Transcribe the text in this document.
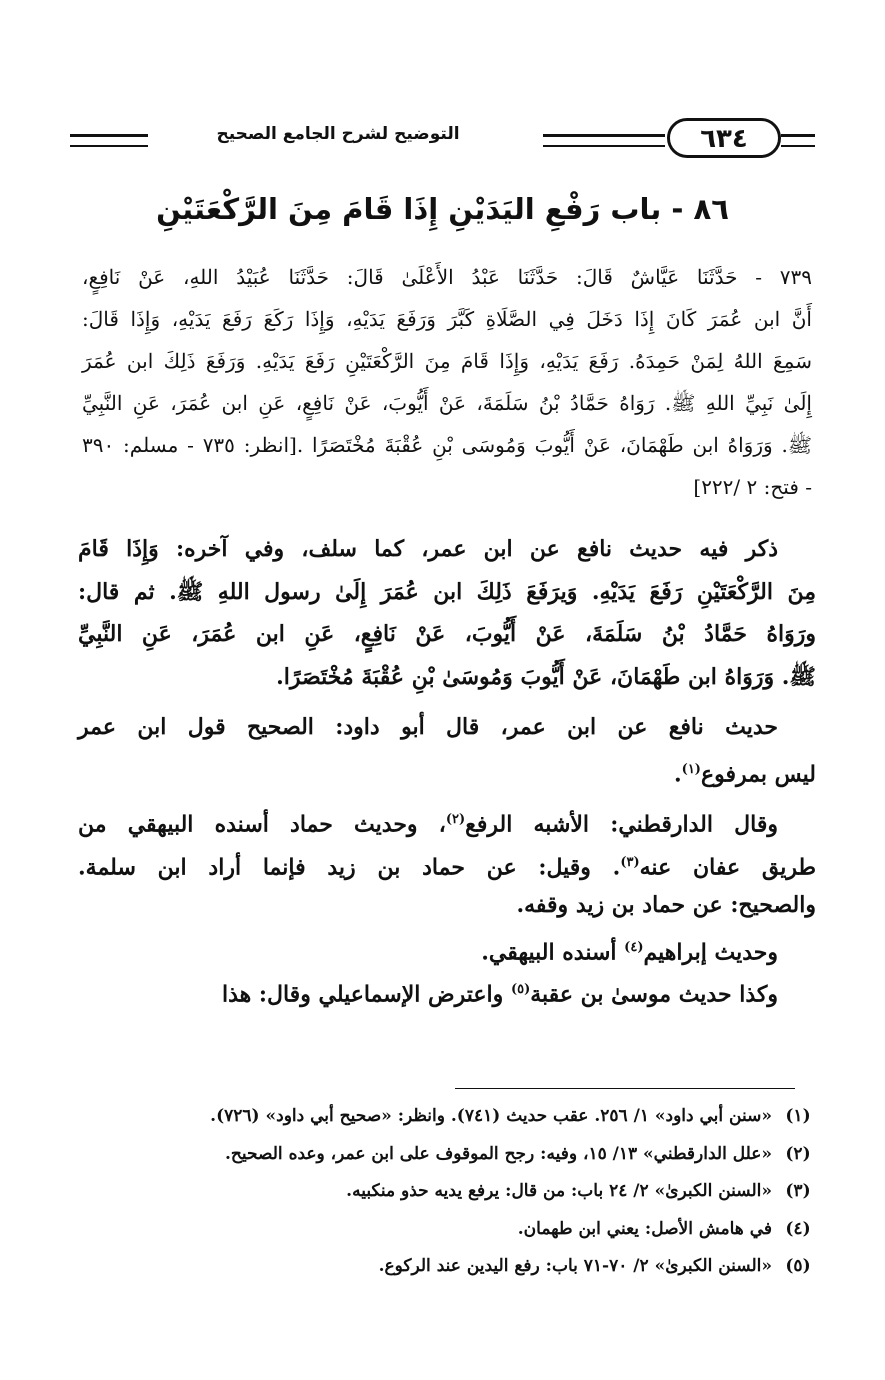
٦٣٤
التوضيح لشرح الجامع الصحيح
٨٦ - باب رَفْعِ اليَدَيْنِ إِذَا قَامَ مِنَ الرَّكْعَتَيْنِ
٧٣٩ - حَدَّثَنَا عَيَّاشٌ قَالَ: حَدَّثَنَا عَبْدُ الأَعْلَىٰ قَالَ: حَدَّثَنَا عُبَيْدُ اللهِ، عَنْ نَافِعٍ،
أَنَّ ابن عُمَرَ كَانَ إِذَا دَخَلَ فِي الصَّلَاةِ كَبَّرَ وَرَفَعَ يَدَيْهِ، وَإِذَا رَكَعَ رَفَعَ يَدَيْهِ، وَإِذَا قَالَ:
سَمِعَ اللهُ لِمَنْ حَمِدَهُ. رَفَعَ يَدَيْهِ، وَإِذَا قَامَ مِنَ الرَّكْعَتَيْنِ رَفَعَ يَدَيْهِ. وَرَفَعَ ذَلِكَ ابن عُمَرَ
إِلَىٰ نَبِيِّ اللهِ ﷺ. رَوَاهُ حَمَّادُ بْنُ سَلَمَةَ، عَنْ أَيُّوبَ، عَنْ نَافِعٍ، عَنِ ابن عُمَرَ، عَنِ النَّبِيِّ
ﷺ. وَرَوَاهُ ابن طَهْمَانَ، عَنْ أَيُّوبَ وَمُوسَى بْنِ عُقْبَةَ مُخْتَصَرًا .[انظر: ٧٣٥ - مسلم: ٣٩٠
- فتح: ٢ /٢٢٢]
ذكر فيه حديث نافع عن ابن عمر، كما سلف، وفي آخره: وَإِذَا قَامَ
مِنَ الرَّكْعَتَيْنِ رَفَعَ يَدَيْهِ. وَيرَفَعَ ذَلِكَ ابن عُمَرَ إِلَىٰ رسول اللهِ ﷺ. ثم قال:
ورَوَاهُ حَمَّادُ بْنُ سَلَمَةَ، عَنْ أَيُّوبَ، عَنْ نَافِعٍ، عَنِ ابن عُمَرَ، عَنِ النَّبِيِّ
ﷺ. وَرَوَاهُ ابن طَهْمَانَ، عَنْ أَيُّوبَ وَمُوسَىٰ بْنِ عُقْبَةَ مُخْتَصَرًا.
حديث نافع عن ابن عمر، قال أبو داود: الصحيح قول ابن عمر
ليس بمرفوع$^{(١)}$.
وقال الدارقطني: الأشبه الرفع$^{(٢)}$، وحديث حماد أسنده البيهقي من
طريق عفان عنه$^{(٣)}$. وقيل: عن حماد بن زيد فإنما أراد ابن سلمة.
والصحيح: عن حماد بن زيد وقفه.
وحديث إبراهيم$^{(٤)}$ أسنده البيهقي.
وكذا حديث موسىٰ بن عقبة$^{(٥)}$ واعترض الإسماعيلي وقال: هذا
(١)
«سنن أبي داود» ١/ ٢٥٦. عقب حديث (٧٤١). وانظر: «صحيح أبي داود» (٧٢٦).
(٢)
«علل الدارقطني» ١٣/ ١٥، وفيه: رجح الموقوف على ابن عمر، وعده الصحيح.
(٣)
«السنن الكبرىٰ» ٢/ ٢٤ باب: من قال: يرفع يديه حذو منكبيه.
(٤)
في هامش الأصل: يعني ابن طهمان.
(٥)
«السنن الكبرىٰ» ٢/ ٧٠-٧١ باب: رفع اليدين عند الركوع.
